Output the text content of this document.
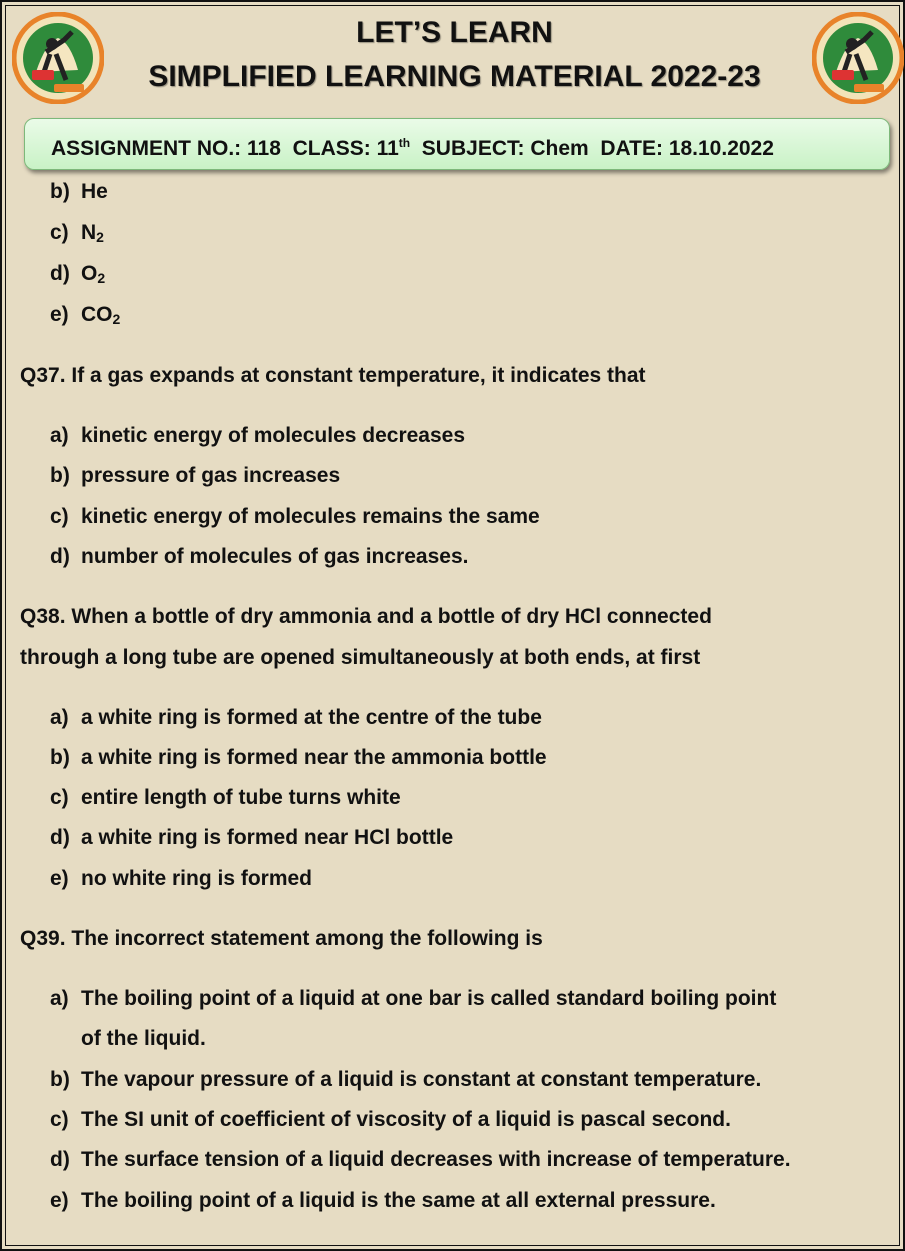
LET’S LEARN
SIMPLIFIED LEARNING MATERIAL 2022-23
ASSIGNMENT NO.: 118 CLASS: 11th SUBJECT: Chem DATE: 18.10.2022
b) He
c) $N_2$
d) $O_2$
e) $CO_2$
Q37. If a gas expands at constant temperature, it indicates that
a) kinetic energy of molecules decreases
b) pressure of gas increases
c) kinetic energy of molecules remains the same
d) number of molecules of gas increases.
Q38. When a bottle of dry ammonia and a bottle of dry HCl connected
through a long tube are opened simultaneously at both ends, at first
a) a white ring is formed at the centre of the tube
b) a white ring is formed near the ammonia bottle
c) entire length of tube turns white
d) a white ring is formed near HCl bottle
e) no white ring is formed
Q39. The incorrect statement among the following is
a) The boiling point of a liquid at one bar is called standard boiling point
of the liquid.
b) The vapour pressure of a liquid is constant at constant temperature.
c) The SI unit of coefficient of viscosity of a liquid is pascal second.
d) The surface tension of a liquid decreases with increase of temperature.
e) The boiling point of a liquid is the same at all external pressure.
